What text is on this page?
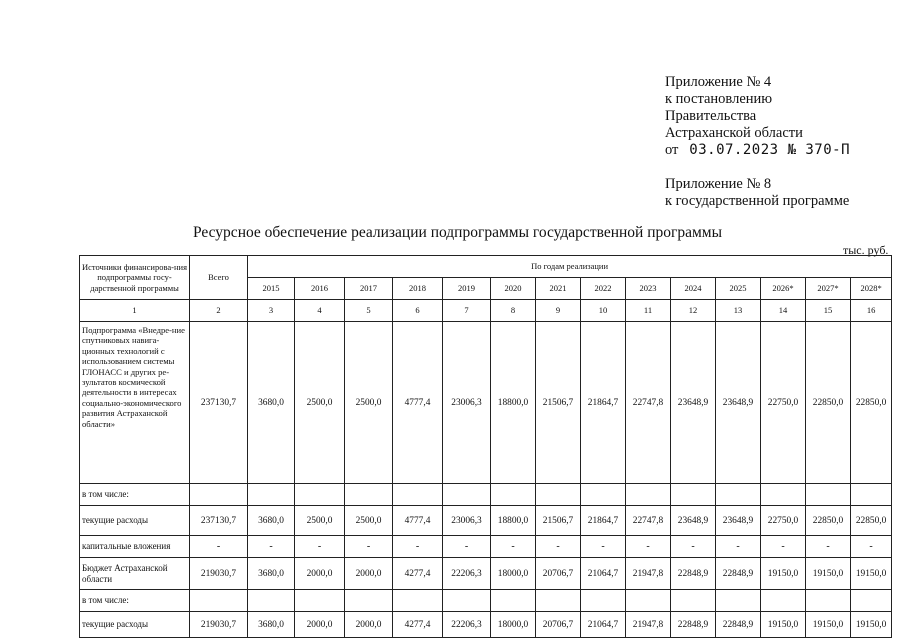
Приложение № 4
к постановлению
Правительства
Астраханской области
от 03.07.2023 № 370-П
Приложение № 8
к государственной программе
Ресурсное обеспечение реализации подпрограммы государственной программы
тыс. руб.
Источники финансирова-ния подпрограммы госу-дарственной программы	Всего	По годам реализации													
		2015	2016	2017	2018	2019	2020	2021	2022	2023	2024	2025	2026*	2027*	2028*
1	2	3	4	5	6	7	8	9	10	11	12	13	14	15	16
Подпрограмма «Внедре-ние спутниковых навига-ционных технологий с использованием системы ГЛОНАСС и других ре-зультатов космической деятельности в интересах социально-экономического развития Астраханской области»	237130,7	3680,0	2500,0	2500,0	4777,4	23006,3	18800,0	21506,7	21864,7	22747,8	23648,9	23648,9	22750,0	22850,0	22850,0
в том числе:															
текущие расходы	237130,7	3680,0	2500,0	2500,0	4777,4	23006,3	18800,0	21506,7	21864,7	22747,8	23648,9	23648,9	22750,0	22850,0	22850,0
капитальные вложения	-	-	-	-	-	-	-	-	-	-	-	-	-	-	-
Бюджет Астраханской области	219030,7	3680,0	2000,0	2000,0	4277,4	22206,3	18000,0	20706,7	21064,7	21947,8	22848,9	22848,9	19150,0	19150,0	19150,0
в том числе:															
текущие расходы	219030,7	3680,0	2000,0	2000,0	4277,4	22206,3	18000,0	20706,7	21064,7	21947,8	22848,9	22848,9	19150,0	19150,0	19150,0
